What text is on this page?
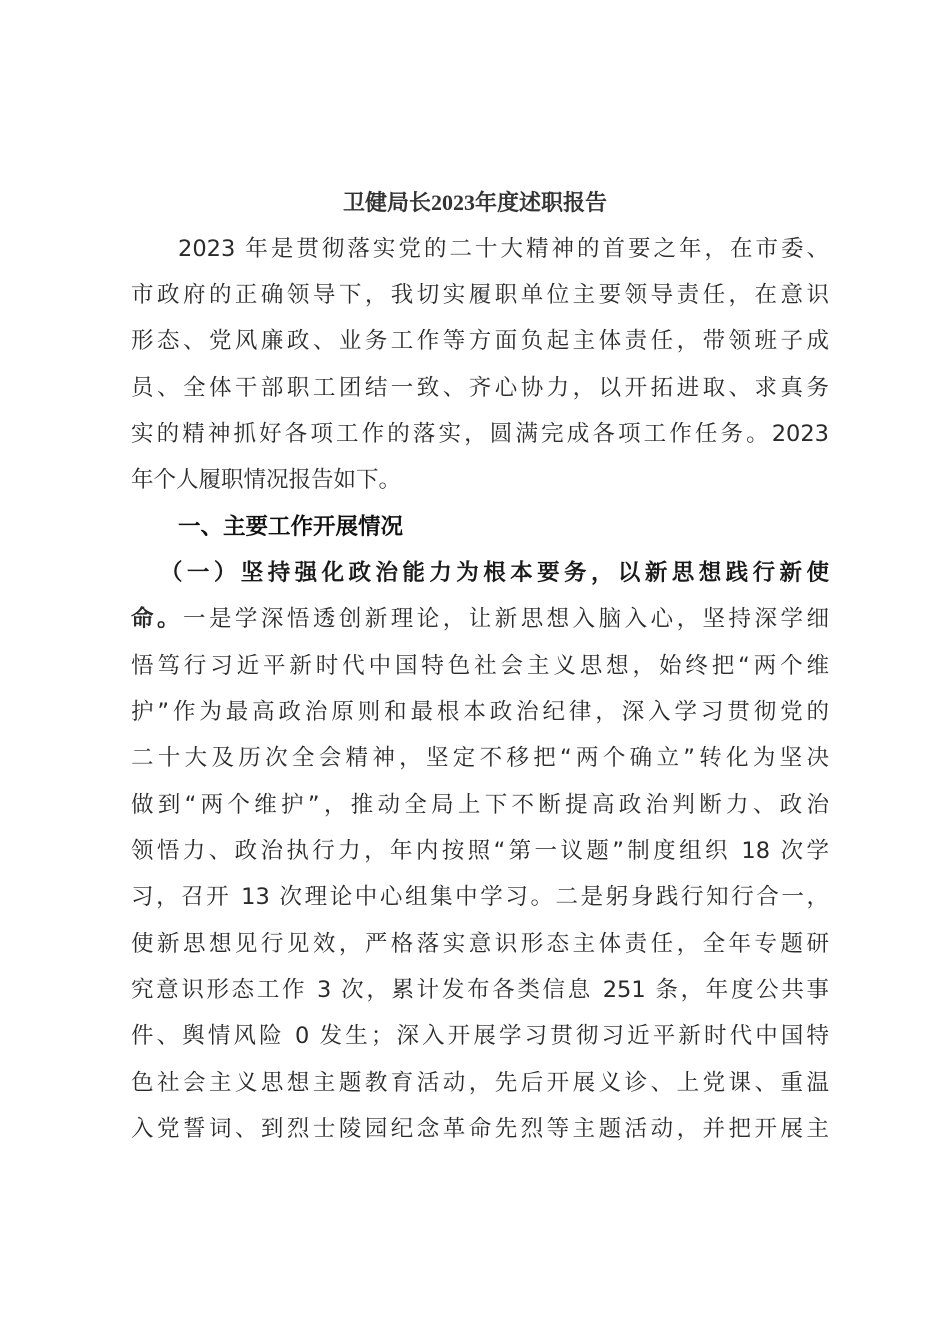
卫健局长2023年度述职报告
2023 年是贯彻落实党的二十大精神的首要之年，在市委、
市政府的正确领导下，我切实履职单位主要领导责任，在意识
形态、党风廉政、业务工作等方面负起主体责任，带领班子成
员、全体干部职工团结一致、齐心协力，以开拓进取、求真务
实的精神抓好各项工作的落实，圆满完成各项工作任务。2023
年个人履职情况报告如下。
一、主要工作开展情况
（一）坚持强化政治能力为根本要务，以新思想践行新使
命。一是学深悟透创新理论，让新思想入脑入心，坚持深学细
悟笃行习近平新时代中国特色社会主义思想，始终把“两个维
护”作为最高政治原则和最根本政治纪律，深入学习贯彻党的
二十大及历次全会精神，坚定不移把“两个确立”转化为坚决
做到“两个维护”，推动全局上下不断提高政治判断力、政治
领悟力、政治执行力，年内按照“第一议题”制度组织 18 次学
习，召开 13 次理论中心组集中学习。二是躬身践行知行合一，
使新思想见行见效，严格落实意识形态主体责任，全年专题研
究意识形态工作 3 次，累计发布各类信息 251 条，年度公共事
件、舆情风险 0 发生；深入开展学习贯彻习近平新时代中国特
色社会主义思想主题教育活动，先后开展义诊、上党课、重温
入党誓词、到烈士陵园纪念革命先烈等主题活动，并把开展主
